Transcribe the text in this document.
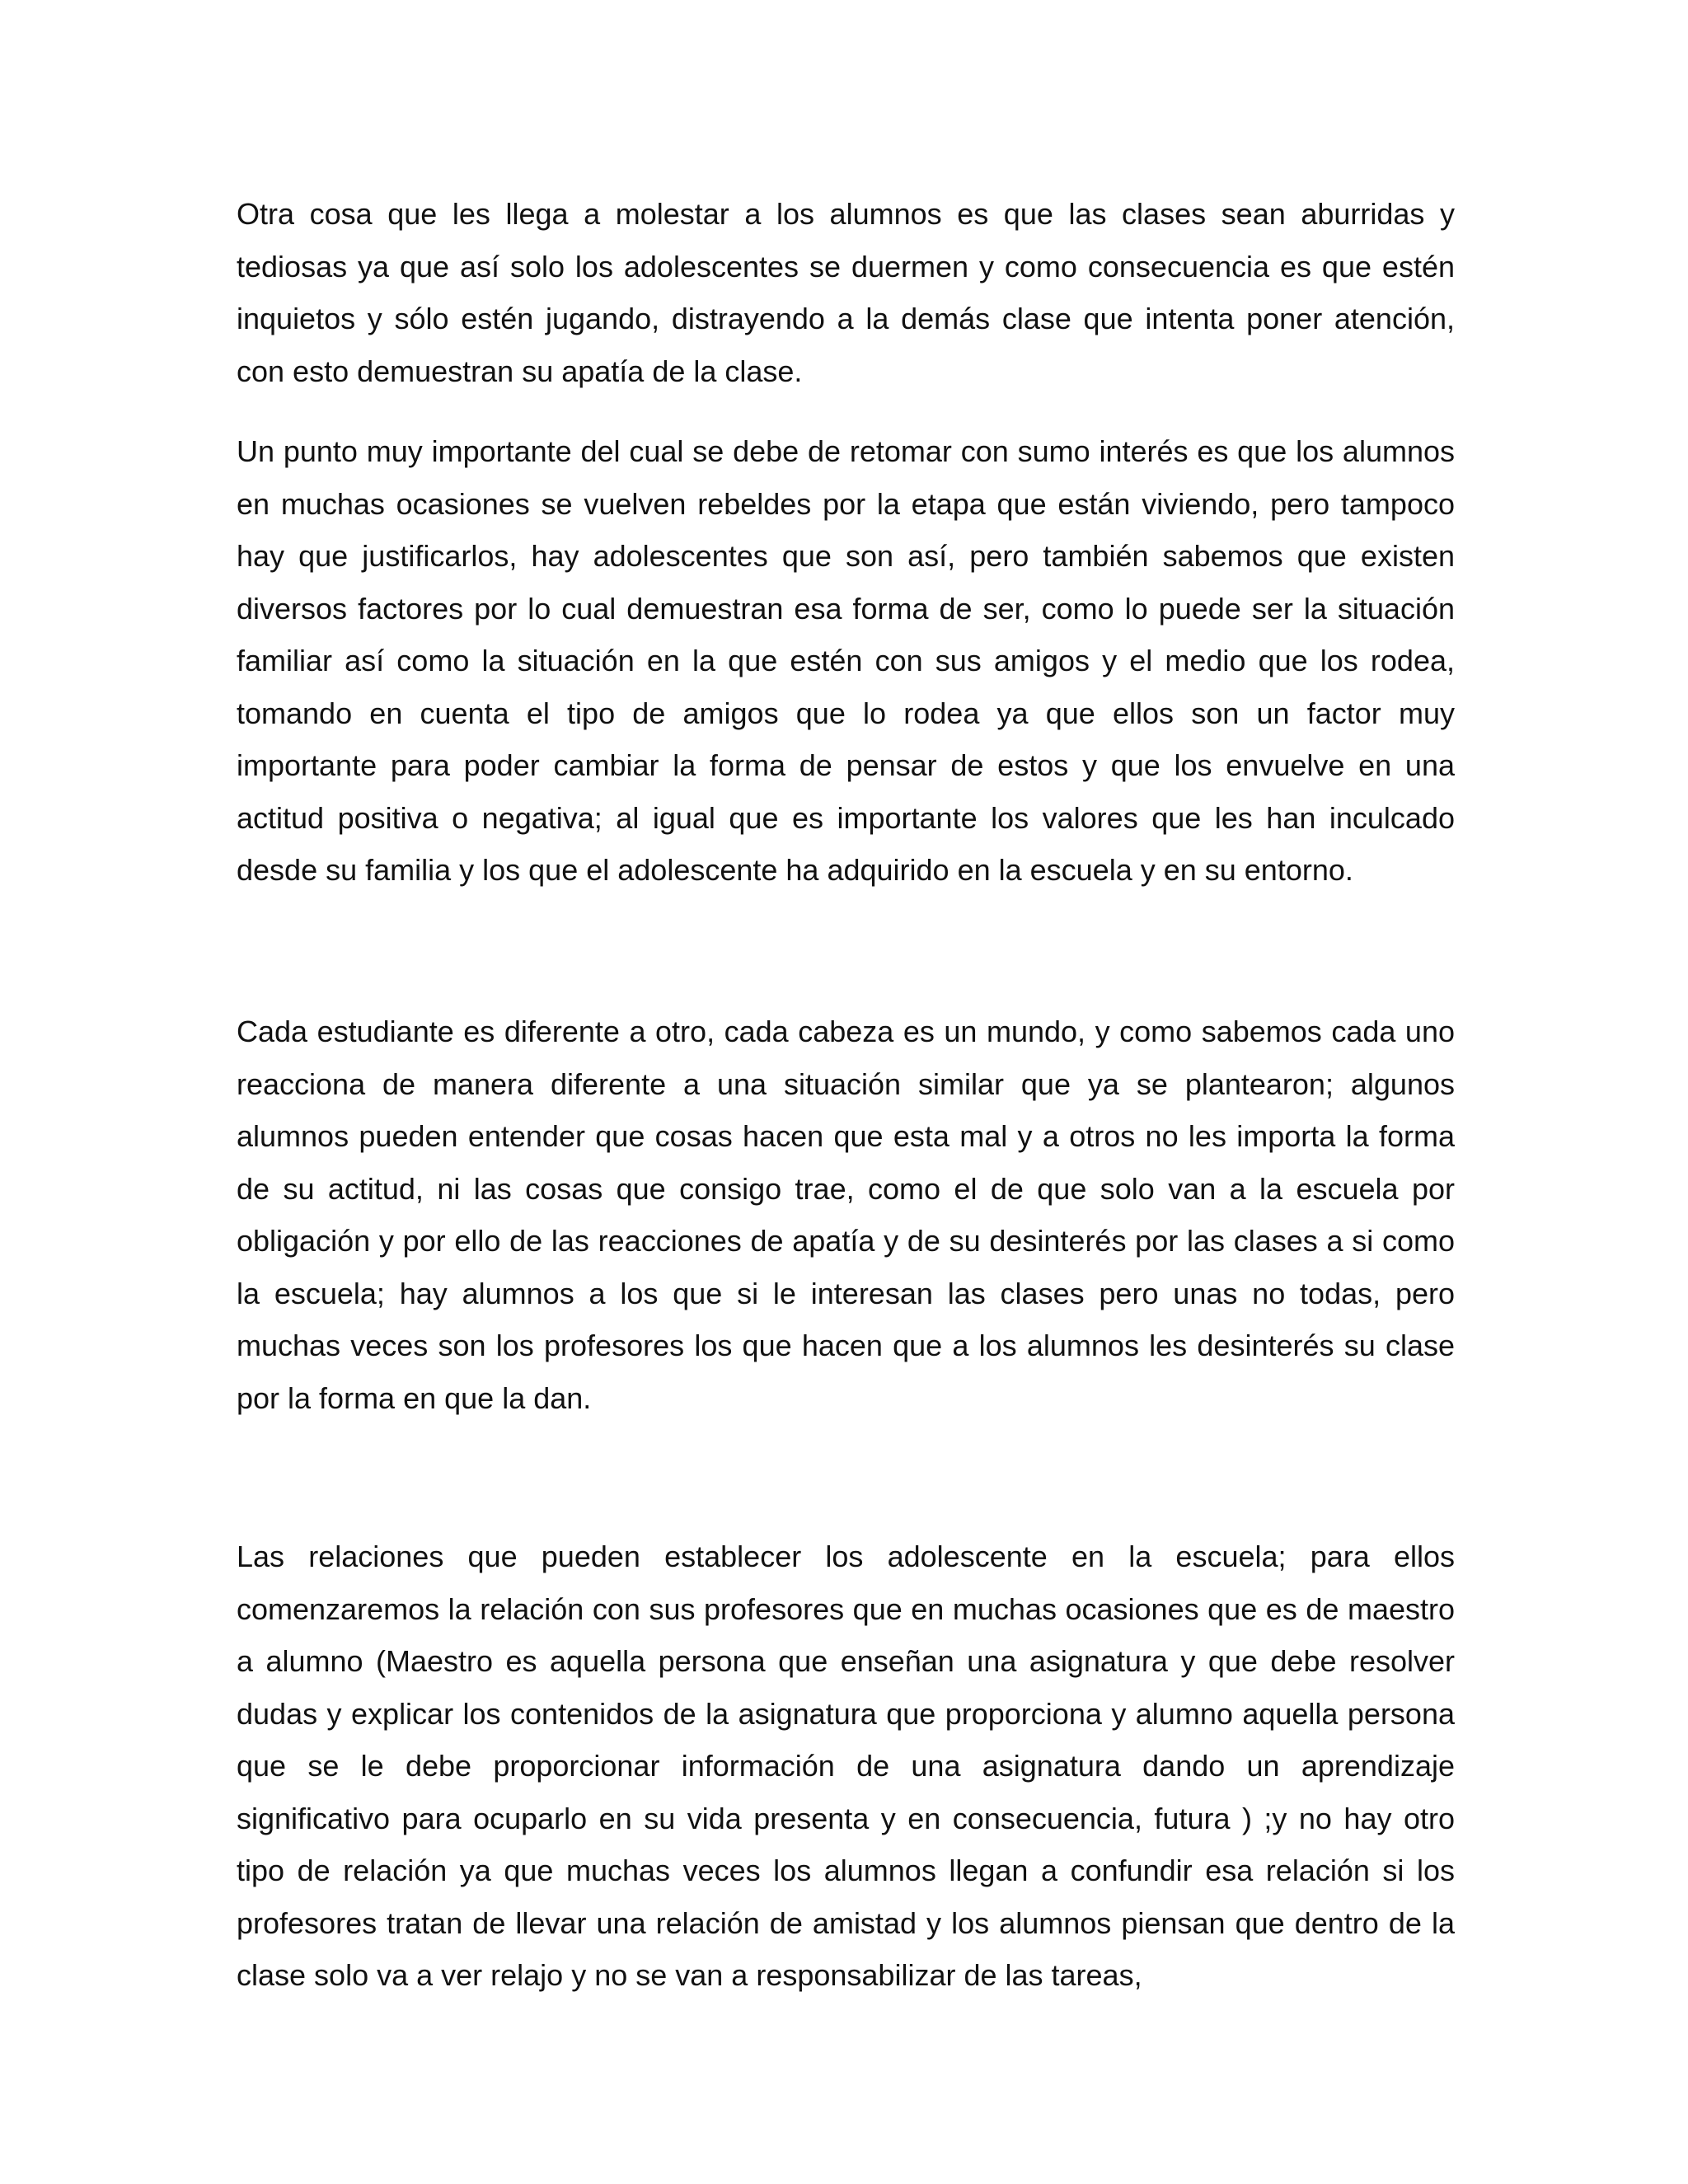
Otra cosa que les llega a molestar a los alumnos es que las clases sean aburridas y tediosas ya que así solo los adolescentes se duermen y como consecuencia es que estén inquietos y sólo estén jugando, distrayendo a la demás clase que intenta poner atención, con esto demuestran su apatía de la clase.

Un punto muy importante del cual se debe de retomar con sumo interés es que los alumnos en muchas ocasiones se vuelven rebeldes por la etapa que están viviendo, pero tampoco hay que justificarlos, hay adolescentes que son así, pero también sabemos que existen diversos factores por lo cual demuestran esa forma de ser, como lo puede ser la situación familiar así como la situación en la que estén con sus amigos y el medio que los rodea, tomando en cuenta el tipo de amigos que lo rodea ya que ellos son un factor muy importante para poder cambiar la forma de pensar de estos y que los envuelve en una actitud positiva o negativa; al igual que es importante los valores que les han inculcado desde su familia y los que el adolescente ha adquirido en la escuela y en su entorno.

Cada estudiante es diferente a otro, cada cabeza es un mundo, y como sabemos cada uno reacciona de manera diferente a una situación similar que ya se plantearon; algunos alumnos pueden entender que cosas hacen que esta mal y a otros no les importa la forma de su actitud, ni las cosas que consigo trae, como el de que solo van a la escuela por obligación y por ello de las reacciones de apatía y de su desinterés por las clases a si como la escuela; hay alumnos a los que si le interesan las clases pero unas no todas, pero muchas veces son los profesores los que hacen que a los alumnos les desinterés su clase por la forma en que la dan.

Las relaciones que pueden establecer los adolescente en la escuela; para ellos comenzaremos la relación con sus profesores que en muchas ocasiones que es de maestro a alumno (Maestro es aquella persona que enseñan una asignatura y que debe resolver dudas y explicar los contenidos de la asignatura que proporciona y alumno aquella persona que se le debe proporcionar información de una asignatura dando un aprendizaje significativo para ocuparlo en su vida presenta y en consecuencia, futura ) ;y no hay otro tipo de relación ya que muchas veces los alumnos llegan a confundir esa relación si los profesores tratan de llevar una relación de amistad y los alumnos piensan que dentro de la clase solo va a ver relajo y no se van a responsabilizar de las tareas,
